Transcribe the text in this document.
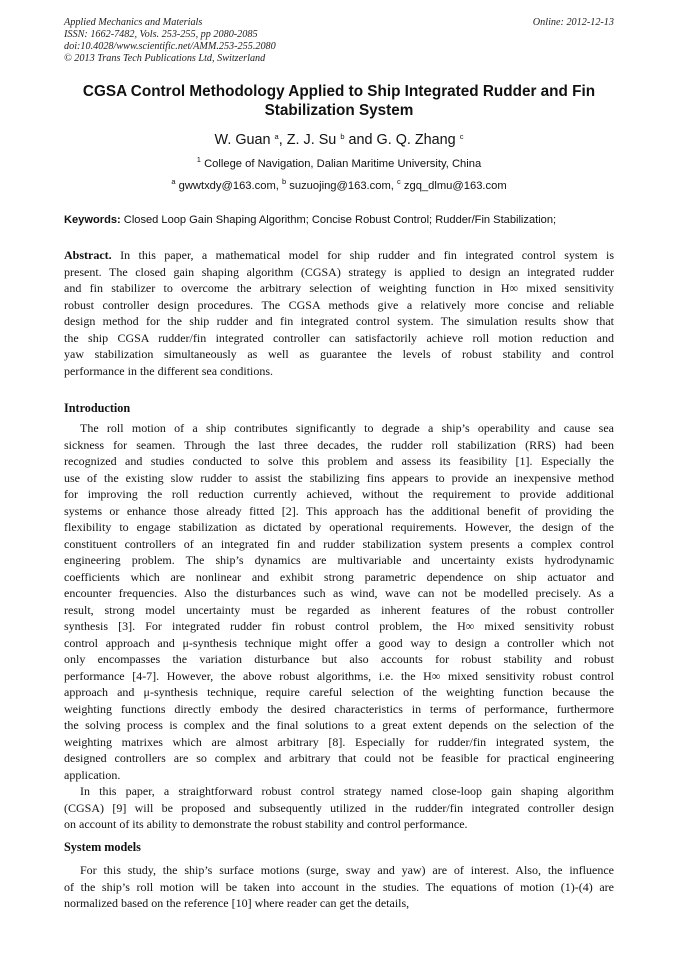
Applied Mechanics and Materials
ISSN: 1662-7482, Vols. 253-255, pp 2080-2085
doi:10.4028/www.scientific.net/AMM.253-255.2080
© 2013 Trans Tech Publications Ltd, Switzerland
Online: 2012-12-13
CGSA Control Methodology Applied to Ship Integrated Rudder and Fin
Stabilization System
W. Guan $^a$, Z. J. Su $^b$ and G. Q. Zhang $^c$
$^1$ College of Navigation, Dalian Maritime University, China
$^a$ gwwtxdy@163.com, $^b$ suzuojing@163.com, $^c$ zgq_dlmu@163.com
Keywords: Closed Loop Gain Shaping Algorithm; Concise Robust Control; Rudder/Fin Stabilization;
Abstract. In this paper, a mathematical model for ship rudder and fin integrated control system is
present. The closed gain shaping algorithm (CGSA) strategy is applied to design an integrated rudder
and fin stabilizer to overcome the arbitrary selection of weighting function in H∞ mixed sensitivity
robust controller design procedures. The CGSA methods give a relatively more concise and reliable
design method for the ship rudder and fin integrated control system. The simulation results show that
the ship CGSA rudder/fin integrated controller can satisfactorily achieve roll motion reduction and
yaw stabilization simultaneously as well as guarantee the levels of robust stability and control
performance in the different sea conditions.
Introduction
The roll motion of a ship contributes significantly to degrade a ship’s operability and cause sea
sickness for seamen. Through the last three decades, the rudder roll stabilization (RRS) had been
recognized and studies conducted to solve this problem and assess its feasibility [1]. Especially the
use of the existing slow rudder to assist the stabilizing fins appears to provide an inexpensive method
for improving the roll reduction currently achieved, without the requirement to provide additional
systems or enhance those already fitted [2]. This approach has the additional benefit of providing the
flexibility to engage stabilization as dictated by operational requirements. However, the design of the
constituent controllers of an integrated fin and rudder stabilization system presents a complex control
engineering problem. The ship’s dynamics are multivariable and uncertainty exists hydrodynamic
coefficients which are nonlinear and exhibit strong parametric dependence on ship actuator and
encounter frequencies. Also the disturbances such as wind, wave can not be modelled precisely. As a
result, strong model uncertainty must be regarded as inherent features of the robust controller
synthesis [3]. For integrated rudder fin robust control problem, the H∞ mixed sensitivity robust
control approach and μ-synthesis technique might offer a good way to design a controller which not
only encompasses the variation disturbance but also accounts for robust stability and robust
performance [4-7]. However, the above robust algorithms, i.e. the H∞ mixed sensitivity robust control
approach and μ-synthesis technique, require careful selection of the weighting function because the
weighting functions directly embody the desired characteristics in terms of performance, furthermore
the solving process is complex and the final solutions to a great extent depends on the selection of the
weighting matrixes which are almost arbitrary [8]. Especially for rudder/fin integrated system, the
designed controllers are so complex and arbitrary that could not be feasible for practical engineering
application.
In this paper, a straightforward robust control strategy named close-loop gain shaping algorithm
(CGSA) [9] will be proposed and subsequently utilized in the rudder/fin integrated controller design
on account of its ability to demonstrate the robust stability and control performance.
System models
For this study, the ship’s surface motions (surge, sway and yaw) are of interest. Also, the influence
of the ship’s roll motion will be taken into account in the studies. The equations of motion (1)-(4) are
normalized based on the reference [10] where reader can get the details,
